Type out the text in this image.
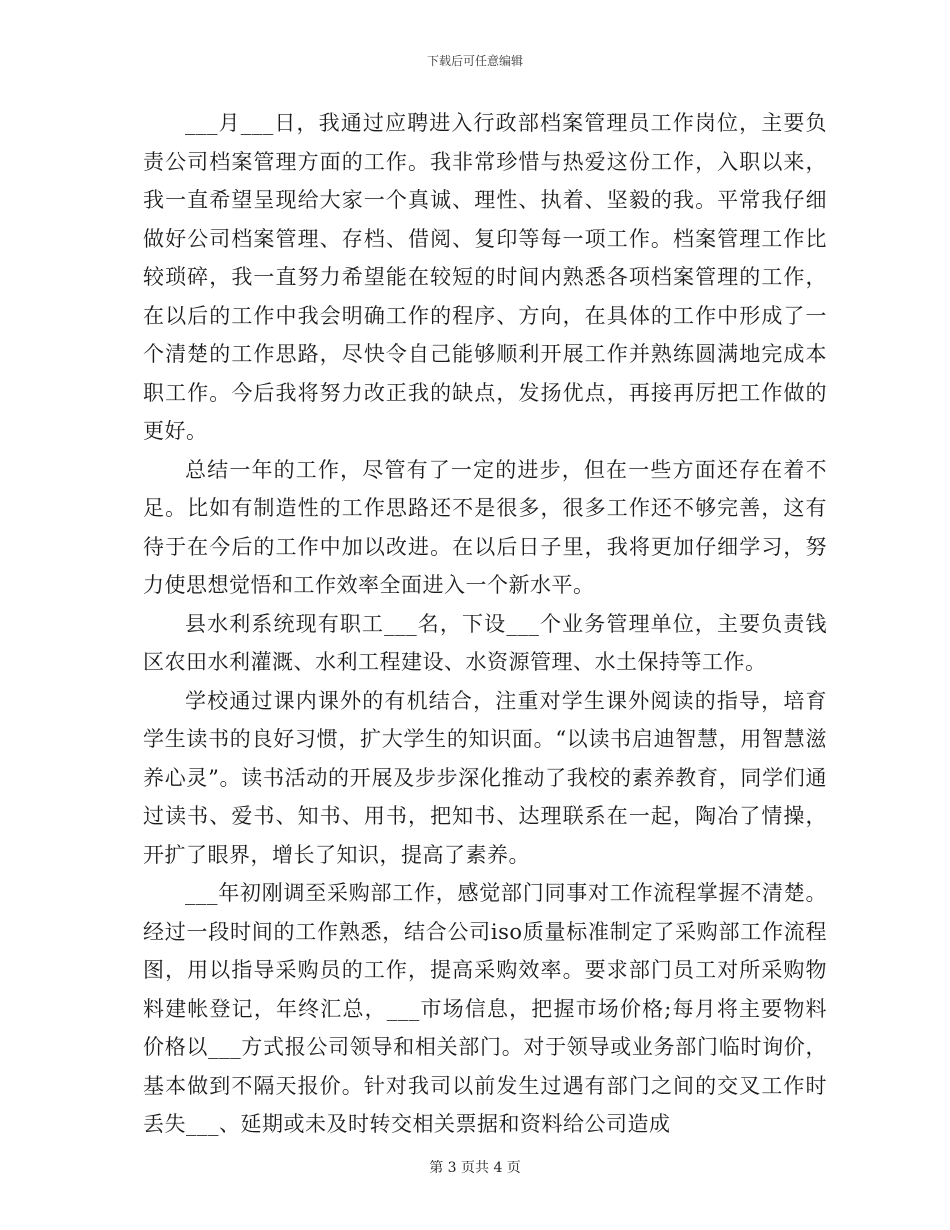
下载后可任意编辑

___月___日，我通过应聘进入行政部档案管理员工作岗位，主要负责公司档案管理方面的工作。我非常珍惜与热爱这份工作，入职以来，我一直希望呈现给大家一个真诚、理性、执着、坚毅的我。平常我仔细做好公司档案管理、存档、借阅、复印等每一项工作。档案管理工作比较琐碎，我一直努力希望能在较短的时间内熟悉各项档案管理的工作，在以后的工作中我会明确工作的程序、方向，在具体的工作中形成了一个清楚的工作思路，尽快令自己能够顺利开展工作并熟练圆满地完成本职工作。今后我将努力改正我的缺点，发扬优点，再接再厉把工作做的更好。

总结一年的工作，尽管有了一定的进步，但在一些方面还存在着不足。比如有制造性的工作思路还不是很多，很多工作还不够完善，这有待于在今后的工作中加以改进。在以后日子里，我将更加仔细学习，努力使思想觉悟和工作效率全面进入一个新水平。

县水利系统现有职工___名，下设___个业务管理单位，主要负责钱区农田水利灌溉、水利工程建设、水资源管理、水土保持等工作。

学校通过课内课外的有机结合，注重对学生课外阅读的指导，培育学生读书的良好习惯，扩大学生的知识面。“以读书启迪智慧，用智慧滋养心灵”。读书活动的开展及步步深化推动了我校的素养教育，同学们通过读书、爱书、知书、用书，把知书、达理联系在一起，陶冶了情操，开扩了眼界，增长了知识，提高了素养。

___年初刚调至采购部工作，感觉部门同事对工作流程掌握不清楚。经过一段时间的工作熟悉，结合公司iso质量标准制定了采购部工作流程图，用以指导采购员的工作，提高采购效率。要求部门员工对所采购物料建帐登记，年终汇总，___市场信息，把握市场价格;每月将主要物料价格以___方式报公司领导和相关部门。对于领导或业务部门临时询价，基本做到不隔天报价。针对我司以前发生过遇有部门之间的交叉工作时丢失___、延期或未及时转交相关票据和资料给公司造成

第 3 页共 4 页
